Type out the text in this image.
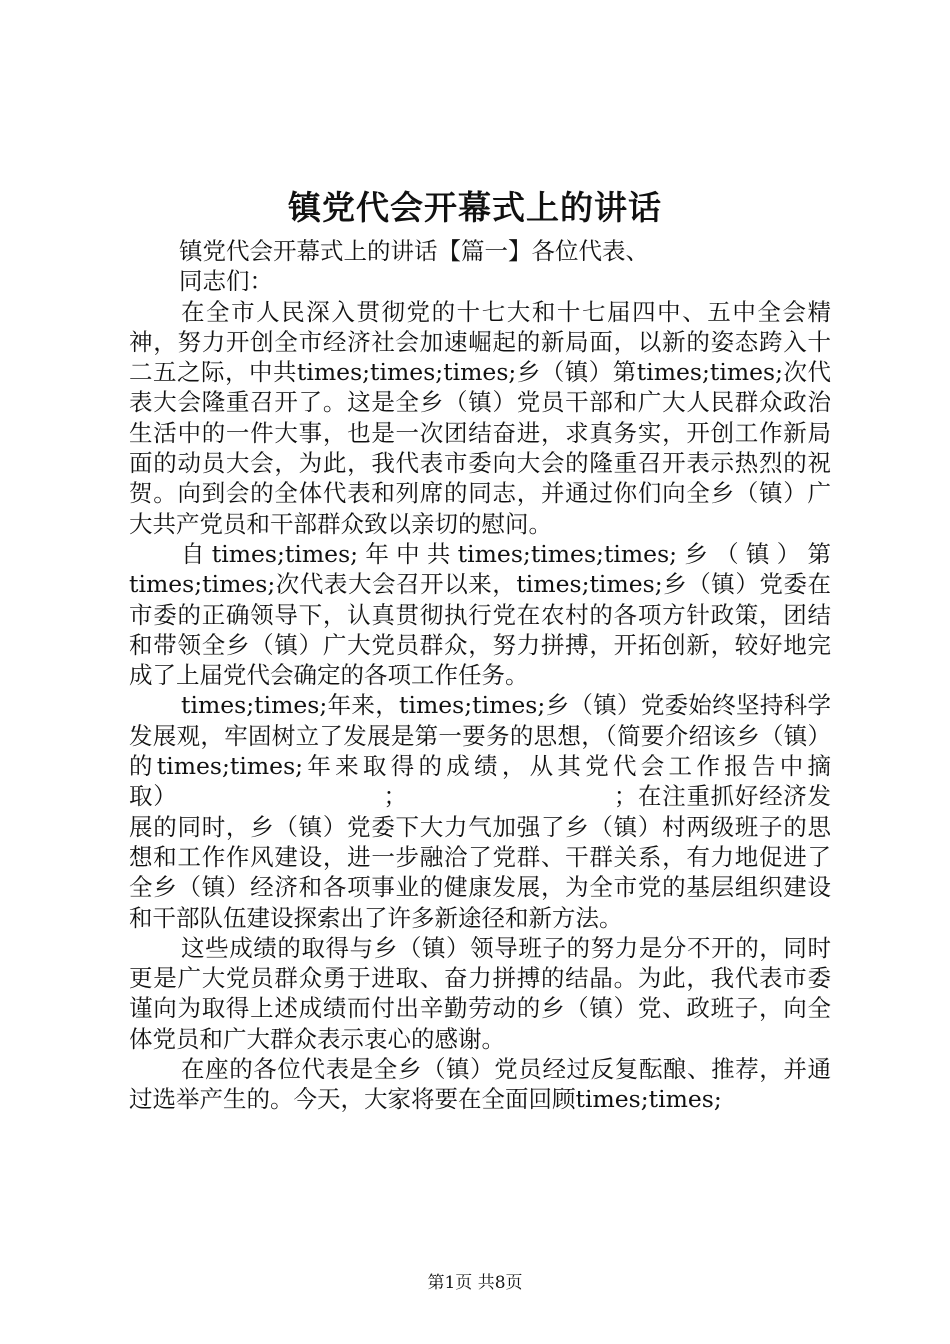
镇党代会开幕式上的讲话

镇党代会开幕式上的讲话【篇一】各位代表、

同志们：

在全市人民深入贯彻党的十七大和十七届四中、五中全会精神，努力开创全市经济社会加速崛起的新局面，以新的姿态跨入十二五之际，中共times;times;times;乡（镇）第times;times;次代表大会隆重召开了。这是全乡（镇）党员干部和广大人民群众政治生活中的一件大事，也是一次团结奋进，求真务实，开创工作新局面的动员大会，为此，我代表市委向大会的隆重召开表示热烈的祝贺。向到会的全体代表和列席的同志，并通过你们向全乡（镇）广大共产党员和干部群众致以亲切的慰问。

自times;times;年中共times;times;times;乡（镇）第times;times;次代表大会召开以来，times;times;乡（镇）党委在市委的正确领导下，认真贯彻执行党在农村的各项方针政策，团结和带领全乡（镇）广大党员群众，努力拼搏，开拓创新，较好地完成了上届党代会确定的各项工作任务。

times;times;年来，times;times;乡（镇）党委始终坚持科学发展观，牢固树立了发展是第一要务的思想，（简要介绍该乡（镇）的times;times;年来取得的成绩，从其党代会工作报告中摘取）　　　　　　　　　；　　　　　　　　　；在注重抓好经济发展的同时，乡（镇）党委下大力气加强了乡（镇）村两级班子的思想和工作作风建设，进一步融洽了党群、干群关系，有力地促进了全乡（镇）经济和各项事业的健康发展，为全市党的基层组织建设和干部队伍建设探索出了许多新途径和新方法。

这些成绩的取得与乡（镇）领导班子的努力是分不开的，同时更是广大党员群众勇于进取、奋力拼搏的结晶。为此，我代表市委谨向为取得上述成绩而付出辛勤劳动的乡（镇）党、政班子，向全体党员和广大群众表示衷心的感谢。

在座的各位代表是全乡（镇）党员经过反复酝酿、推荐，并通过选举产生的。今天，大家将要在全面回顾times;times;

第1页 共8页
